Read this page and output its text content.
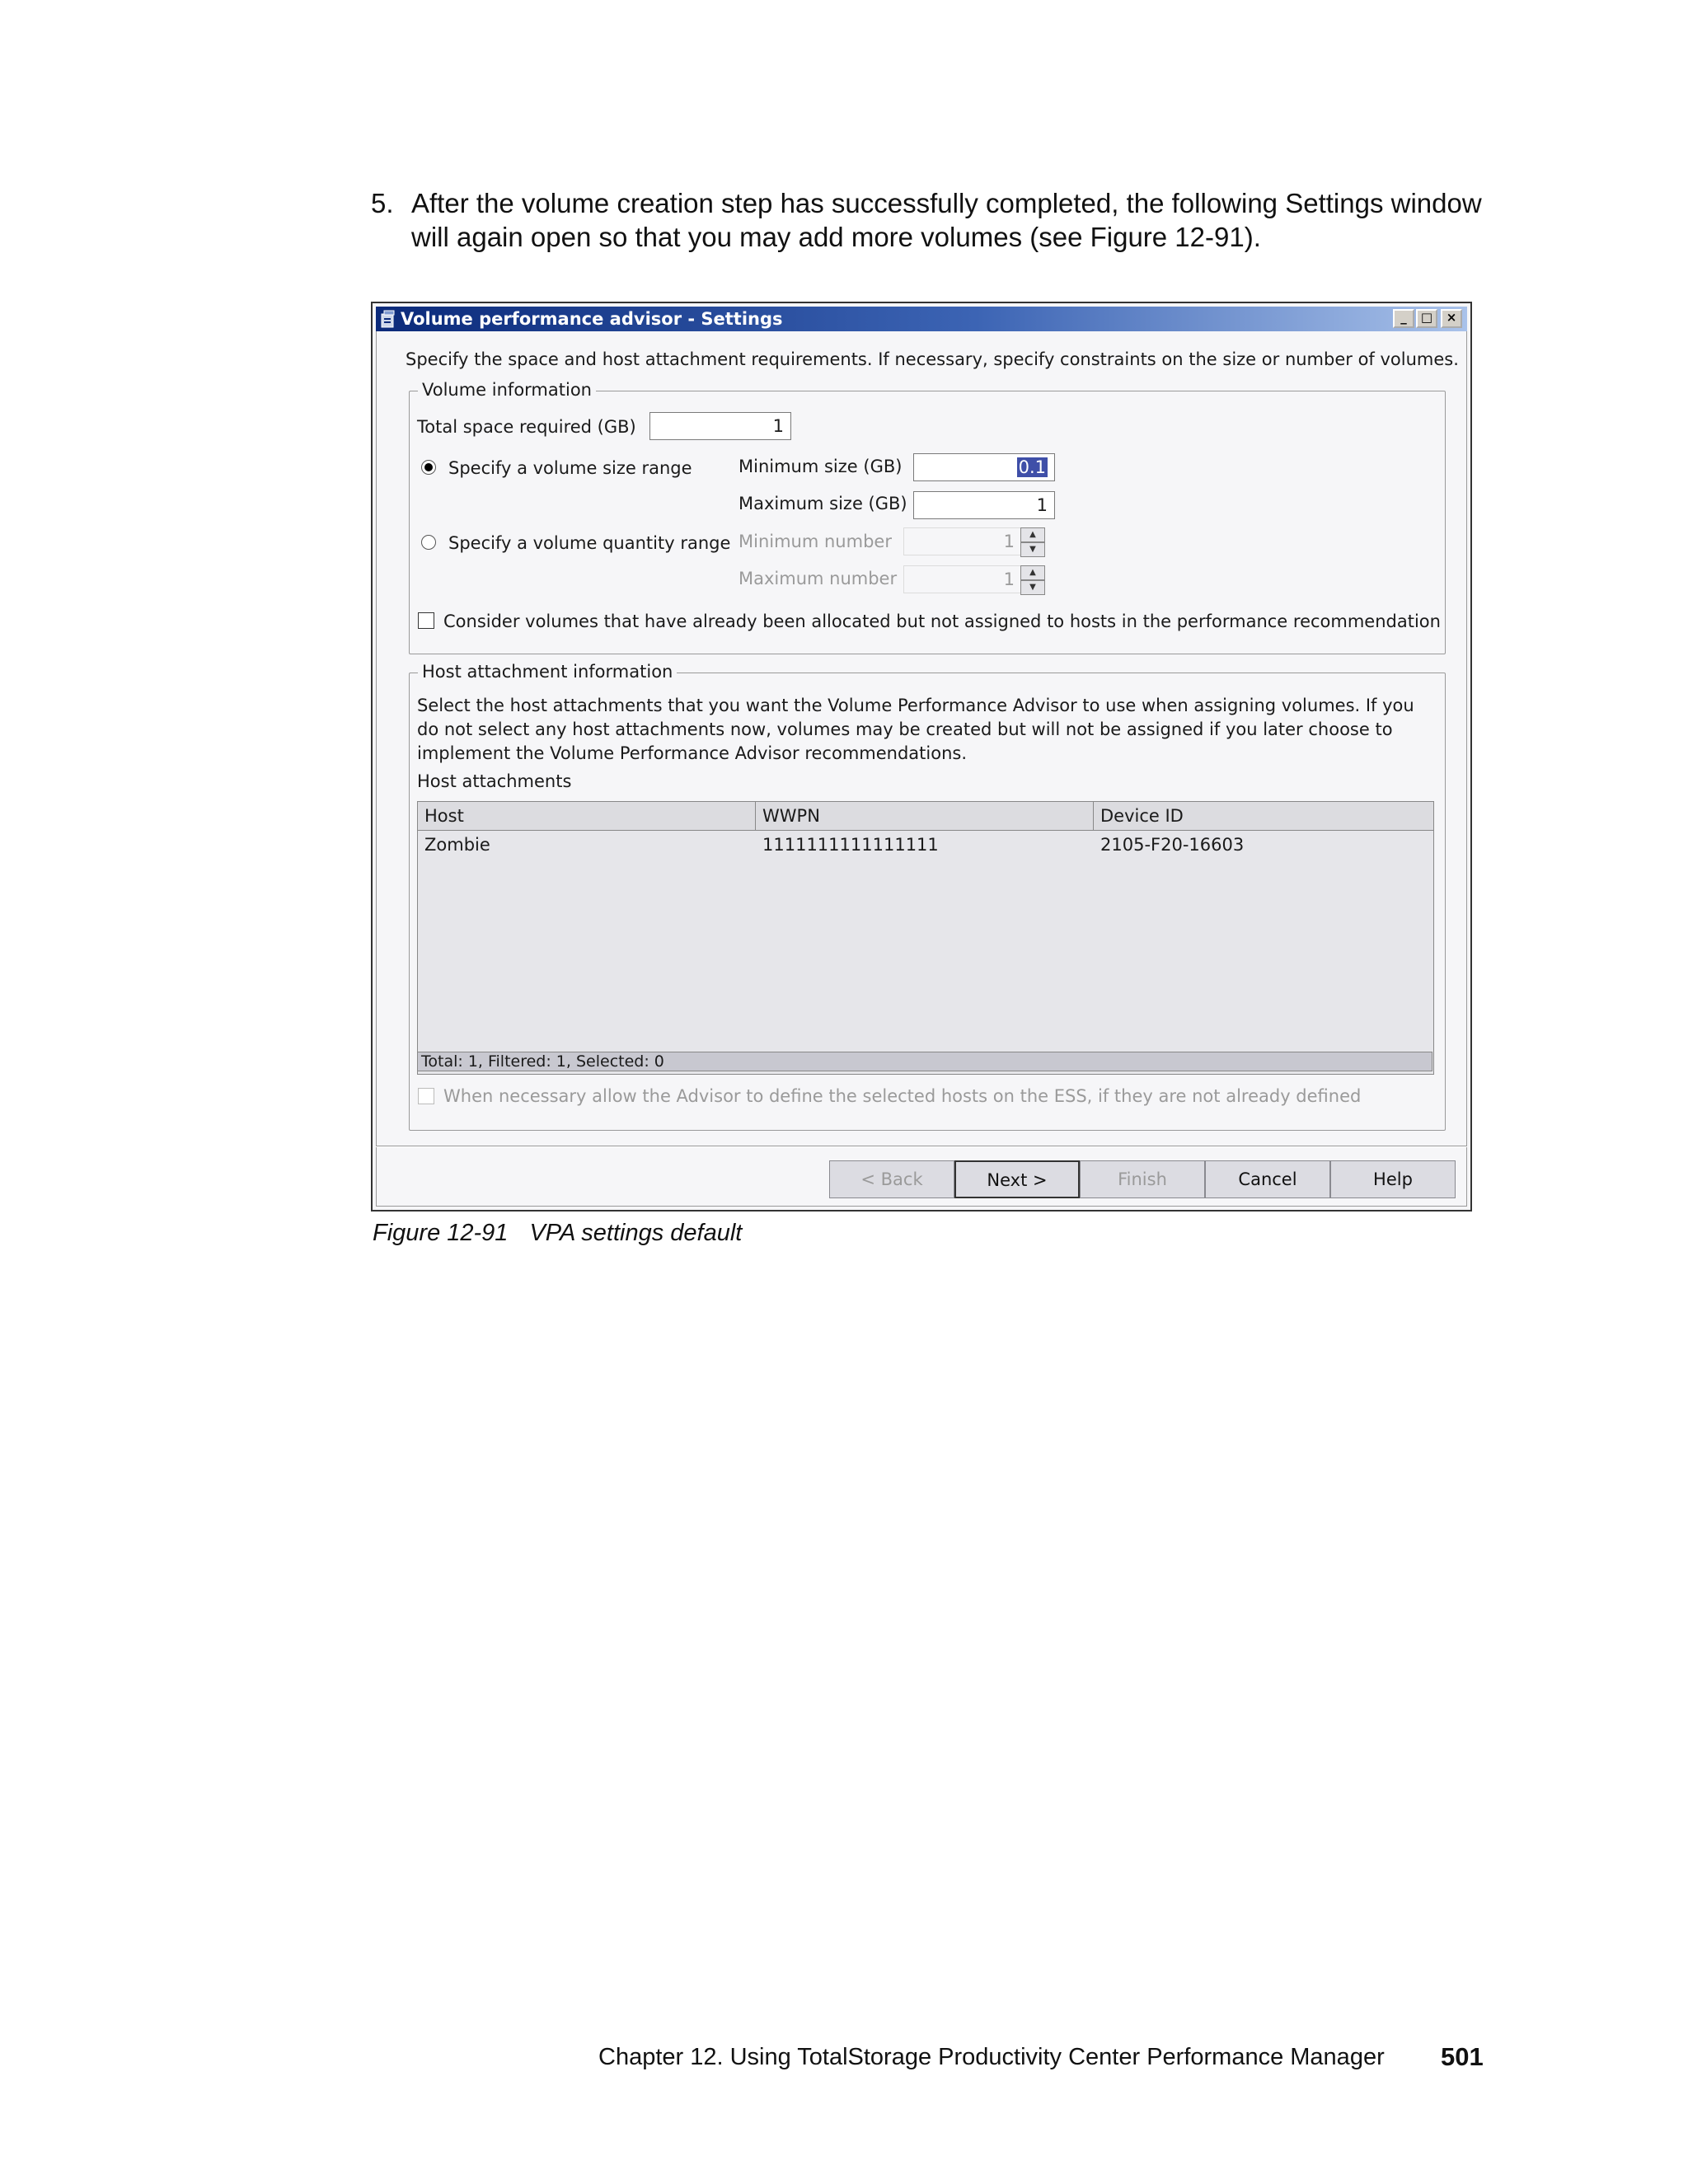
5. After the volume creation step has successfully completed, the following Settings window will again open so that you may add more volumes (see Figure 12-91).
Volume performance advisor - Settings	_	□	×
Specify the space and host attachment requirements. If necessary, specify constraints on the size or number of volumes.
Volume information
Total space required (GB)	1
Specify a volume size range	Minimum size (GB)	0.1
Maximum size (GB)	1
Specify a volume quantity range Minimum number	1	▲
▼
Maximum number	1	▲
▼
Consider volumes that have already been allocated but not assigned to hosts in the performance recommendation
Host attachment information
Select the host attachments that you want the Volume Performance Advisor to use when assigning volumes. If you do not select any host attachments now, volumes may be created but will not be assigned if you later choose to implement the Volume Performance Advisor recommendations.
Host attachments
Host	WWPN	Device ID
Zombie	1111111111111111	2105-F20-16603
Total: 1, Filtered: 1, Selected: 0
When necessary allow the Advisor to define the selected hosts on the ESS, if they are not already defined
< Back	Next >	Finish	Cancel	Help
Figure 12-91 VPA settings default
Chapter 12. Using TotalStorage Productivity Center Performance Manager 501
